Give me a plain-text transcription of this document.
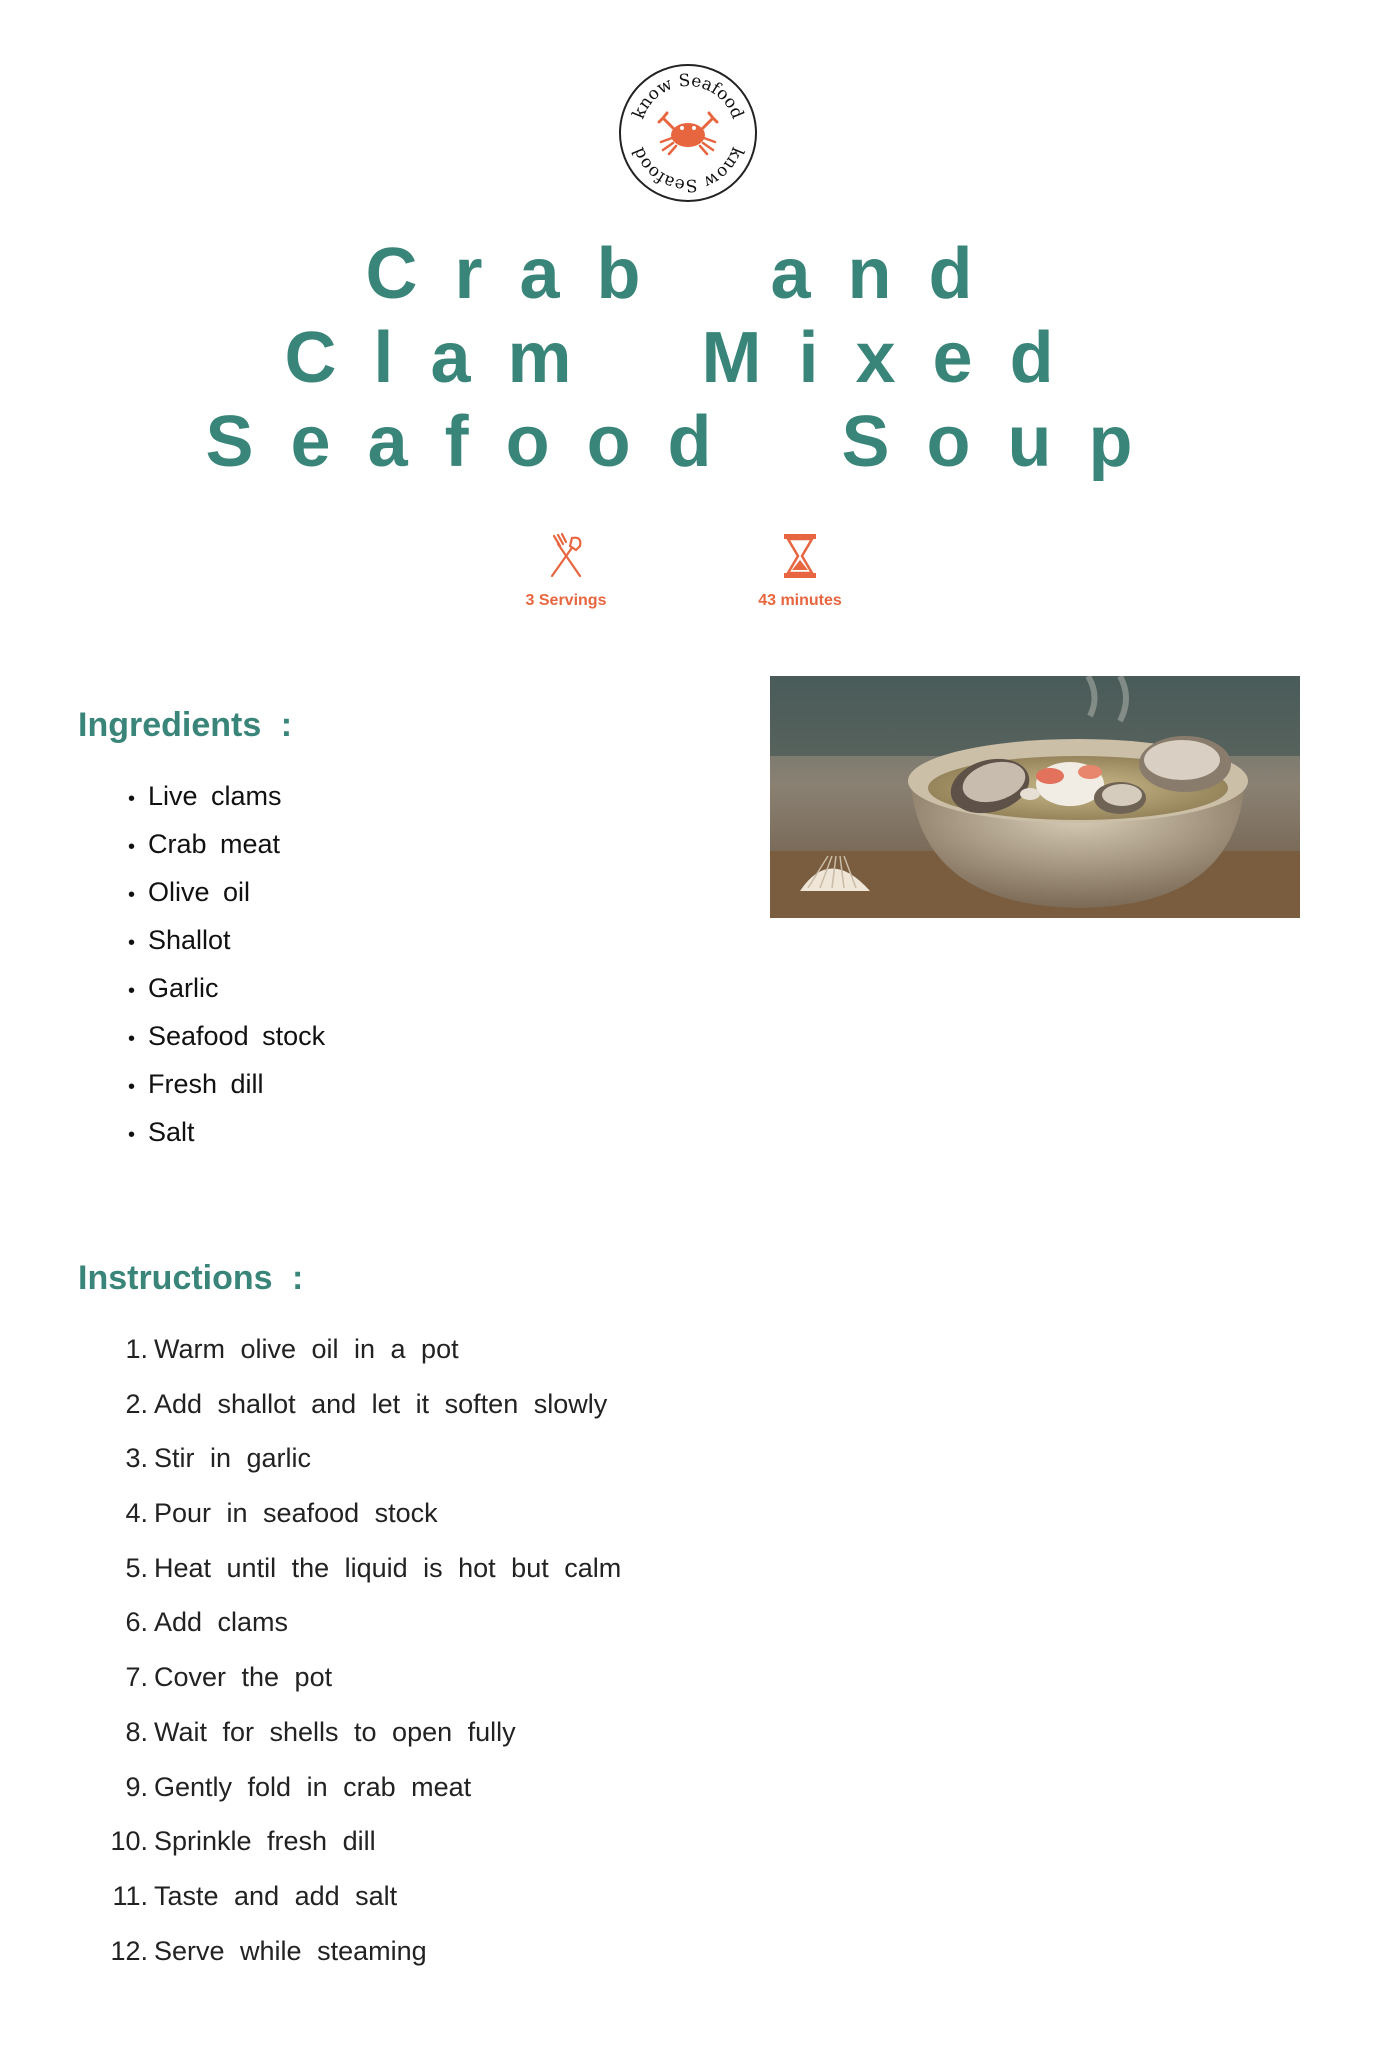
know Seafood
know Seafood
Crab and Clam Mixed Seafood Soup
3 Servings	43 minutes
Ingredients :
• Live clams
• Crab meat
• Olive oil
• Shallot
• Garlic
• Seafood stock
• Fresh dill
• Salt
Instructions :
1. Warm olive oil in a pot
2. Add shallot and let it soften slowly
3. Stir in garlic
4. Pour in seafood stock
5. Heat until the liquid is hot but calm
6. Add clams
7. Cover the pot
8. Wait for shells to open fully
9. Gently fold in crab meat
10. Sprinkle fresh dill
11. Taste and add salt
12. Serve while steaming
